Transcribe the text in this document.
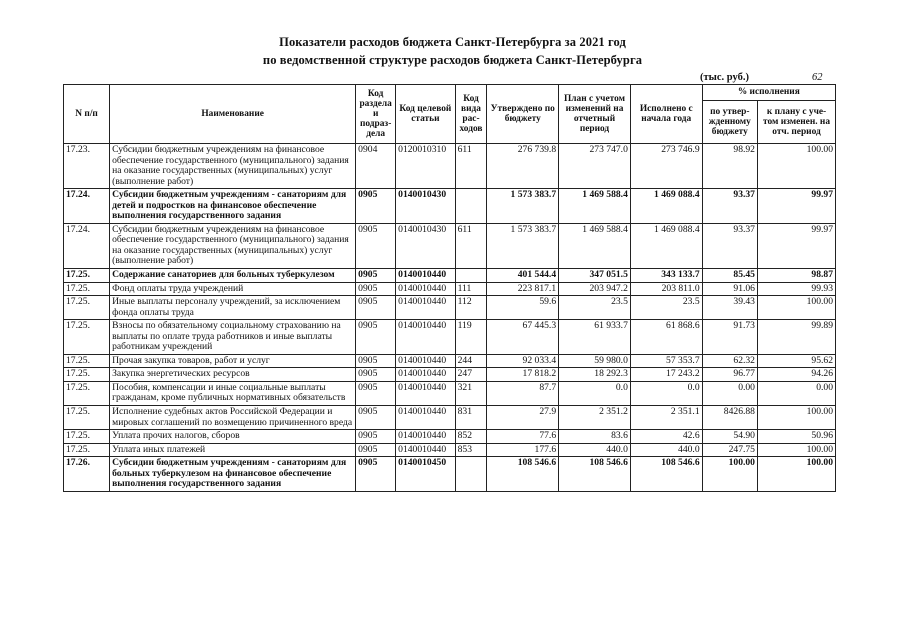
Показатели расходов бюджета Санкт-Петербурга за 2021 год
по ведомственной структуре расходов бюджета Санкт-Петербурга
(тыс. руб.)	62
N п/п	Наименование	Код раздела и подраз-дела	Код целевой статьи	Код вида рас-ходов	Утверждено по бюджету	План с учетом изменений на отчетный период	Исполнено с начала года	% исполнения	
								по утвер-жденному бюджету	к плану с уче-том изменен. на отч. период
17.23.	Субсидии бюджетным учреждениям на финансовое обеспечение государственного (муниципального) задания на оказание государственных (муниципальных) услуг (выполнение работ)	0904	0120010310	611	276 739.8	273 747.0	273 746.9	98.92	100.00
17.24.	Субсидии бюджетным учреждениям - санаториям для детей и подростков на финансовое обеспечение выполнения государственного задания	0905	0140010430		1 573 383.7	1 469 588.4	1 469 088.4	93.37	99.97
17.24.	Субсидии бюджетным учреждениям на финансовое обеспечение государственного (муниципального) задания на оказание государственных (муниципальных) услуг (выполнение работ)	0905	0140010430	611	1 573 383.7	1 469 588.4	1 469 088.4	93.37	99.97
17.25.	Содержание санаториев для больных туберкулезом	0905	0140010440		401 544.4	347 051.5	343 133.7	85.45	98.87
17.25.	Фонд оплаты труда учреждений	0905	0140010440	111	223 817.1	203 947.2	203 811.0	91.06	99.93
17.25.	Иные выплаты персоналу учреждений, за исключением фонда оплаты труда	0905	0140010440	112	59.6	23.5	23.5	39.43	100.00
17.25.	Взносы по обязательному социальному страхованию на выплаты по оплате труда работников и иные выплаты работникам учреждений	0905	0140010440	119	67 445.3	61 933.7	61 868.6	91.73	99.89
17.25.	Прочая закупка товаров, работ и услуг	0905	0140010440	244	92 033.4	59 980.0	57 353.7	62.32	95.62
17.25.	Закупка энергетических ресурсов	0905	0140010440	247	17 818.2	18 292.3	17 243.2	96.77	94.26
17.25.	Пособия, компенсации и иные социальные выплаты гражданам, кроме публичных нормативных обязательств	0905	0140010440	321	87.7	0.0	0.0	0.00	0.00
17.25.	Исполнение судебных актов Российской Федерации и мировых соглашений по возмещению причиненного вреда	0905	0140010440	831	27.9	2 351.2	2 351.1	8426.88	100.00
17.25.	Уплата прочих налогов, сборов	0905	0140010440	852	77.6	83.6	42.6	54.90	50.96
17.25.	Уплата иных платежей	0905	0140010440	853	177.6	440.0	440.0	247.75	100.00
17.26.	Субсидии бюджетным учреждениям - санаториям для больных туберкулезом на финансовое обеспечение выполнения государственного задания	0905	0140010450		108 546.6	108 546.6	108 546.6	100.00	100.00
